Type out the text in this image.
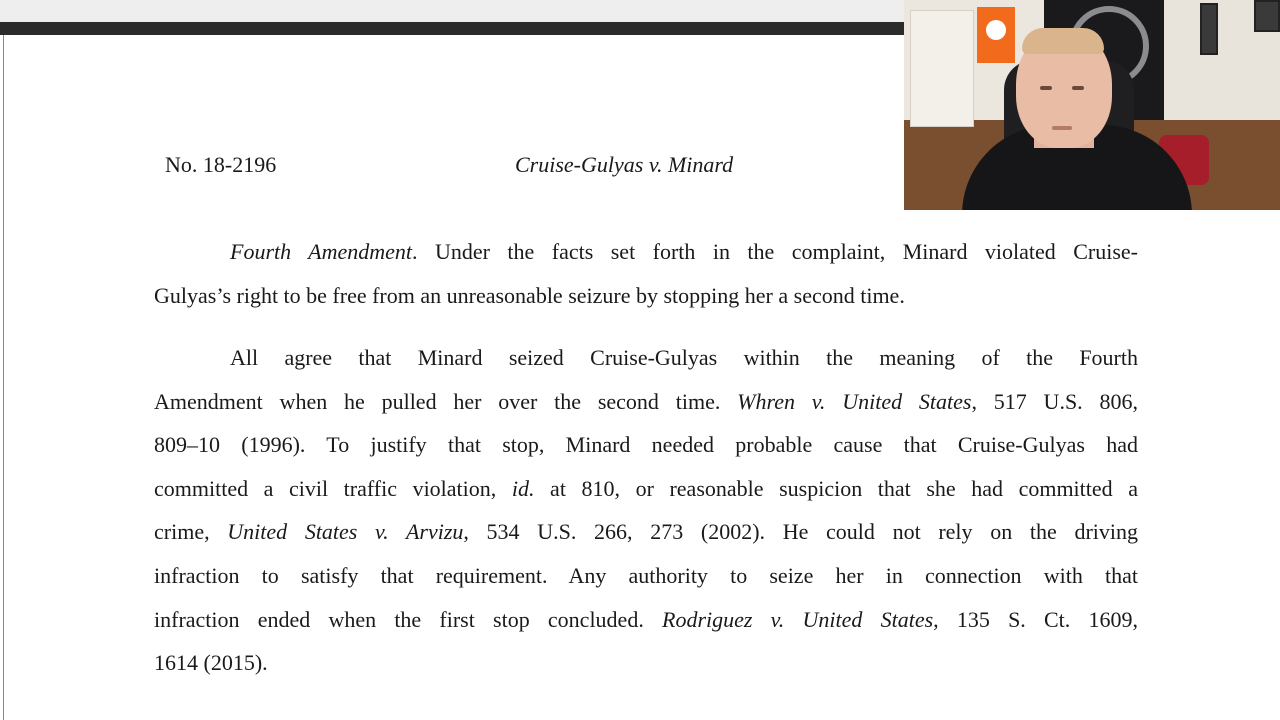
No. 18-2196	Cruise-Gulyas v. Minard
Fourth Amendment. Under the facts set forth in the complaint, Minard violated Cruise-
Gulyas’s right to be free from an unreasonable seizure by stopping her a second time.
All agree that Minard seized Cruise-Gulyas within the meaning of the Fourth
Amendment when he pulled her over the second time. Whren v. United States, 517 U.S. 806,
809–10 (1996). To justify that stop, Minard needed probable cause that Cruise-Gulyas had
committed a civil traffic violation, id. at 810, or reasonable suspicion that she had committed a
crime, United States v. Arvizu, 534 U.S. 266, 273 (2002). He could not rely on the driving
infraction to satisfy that requirement. Any authority to seize her in connection with that
infraction ended when the first stop concluded. Rodriguez v. United States, 135 S. Ct. 1609,
1614 (2015).
